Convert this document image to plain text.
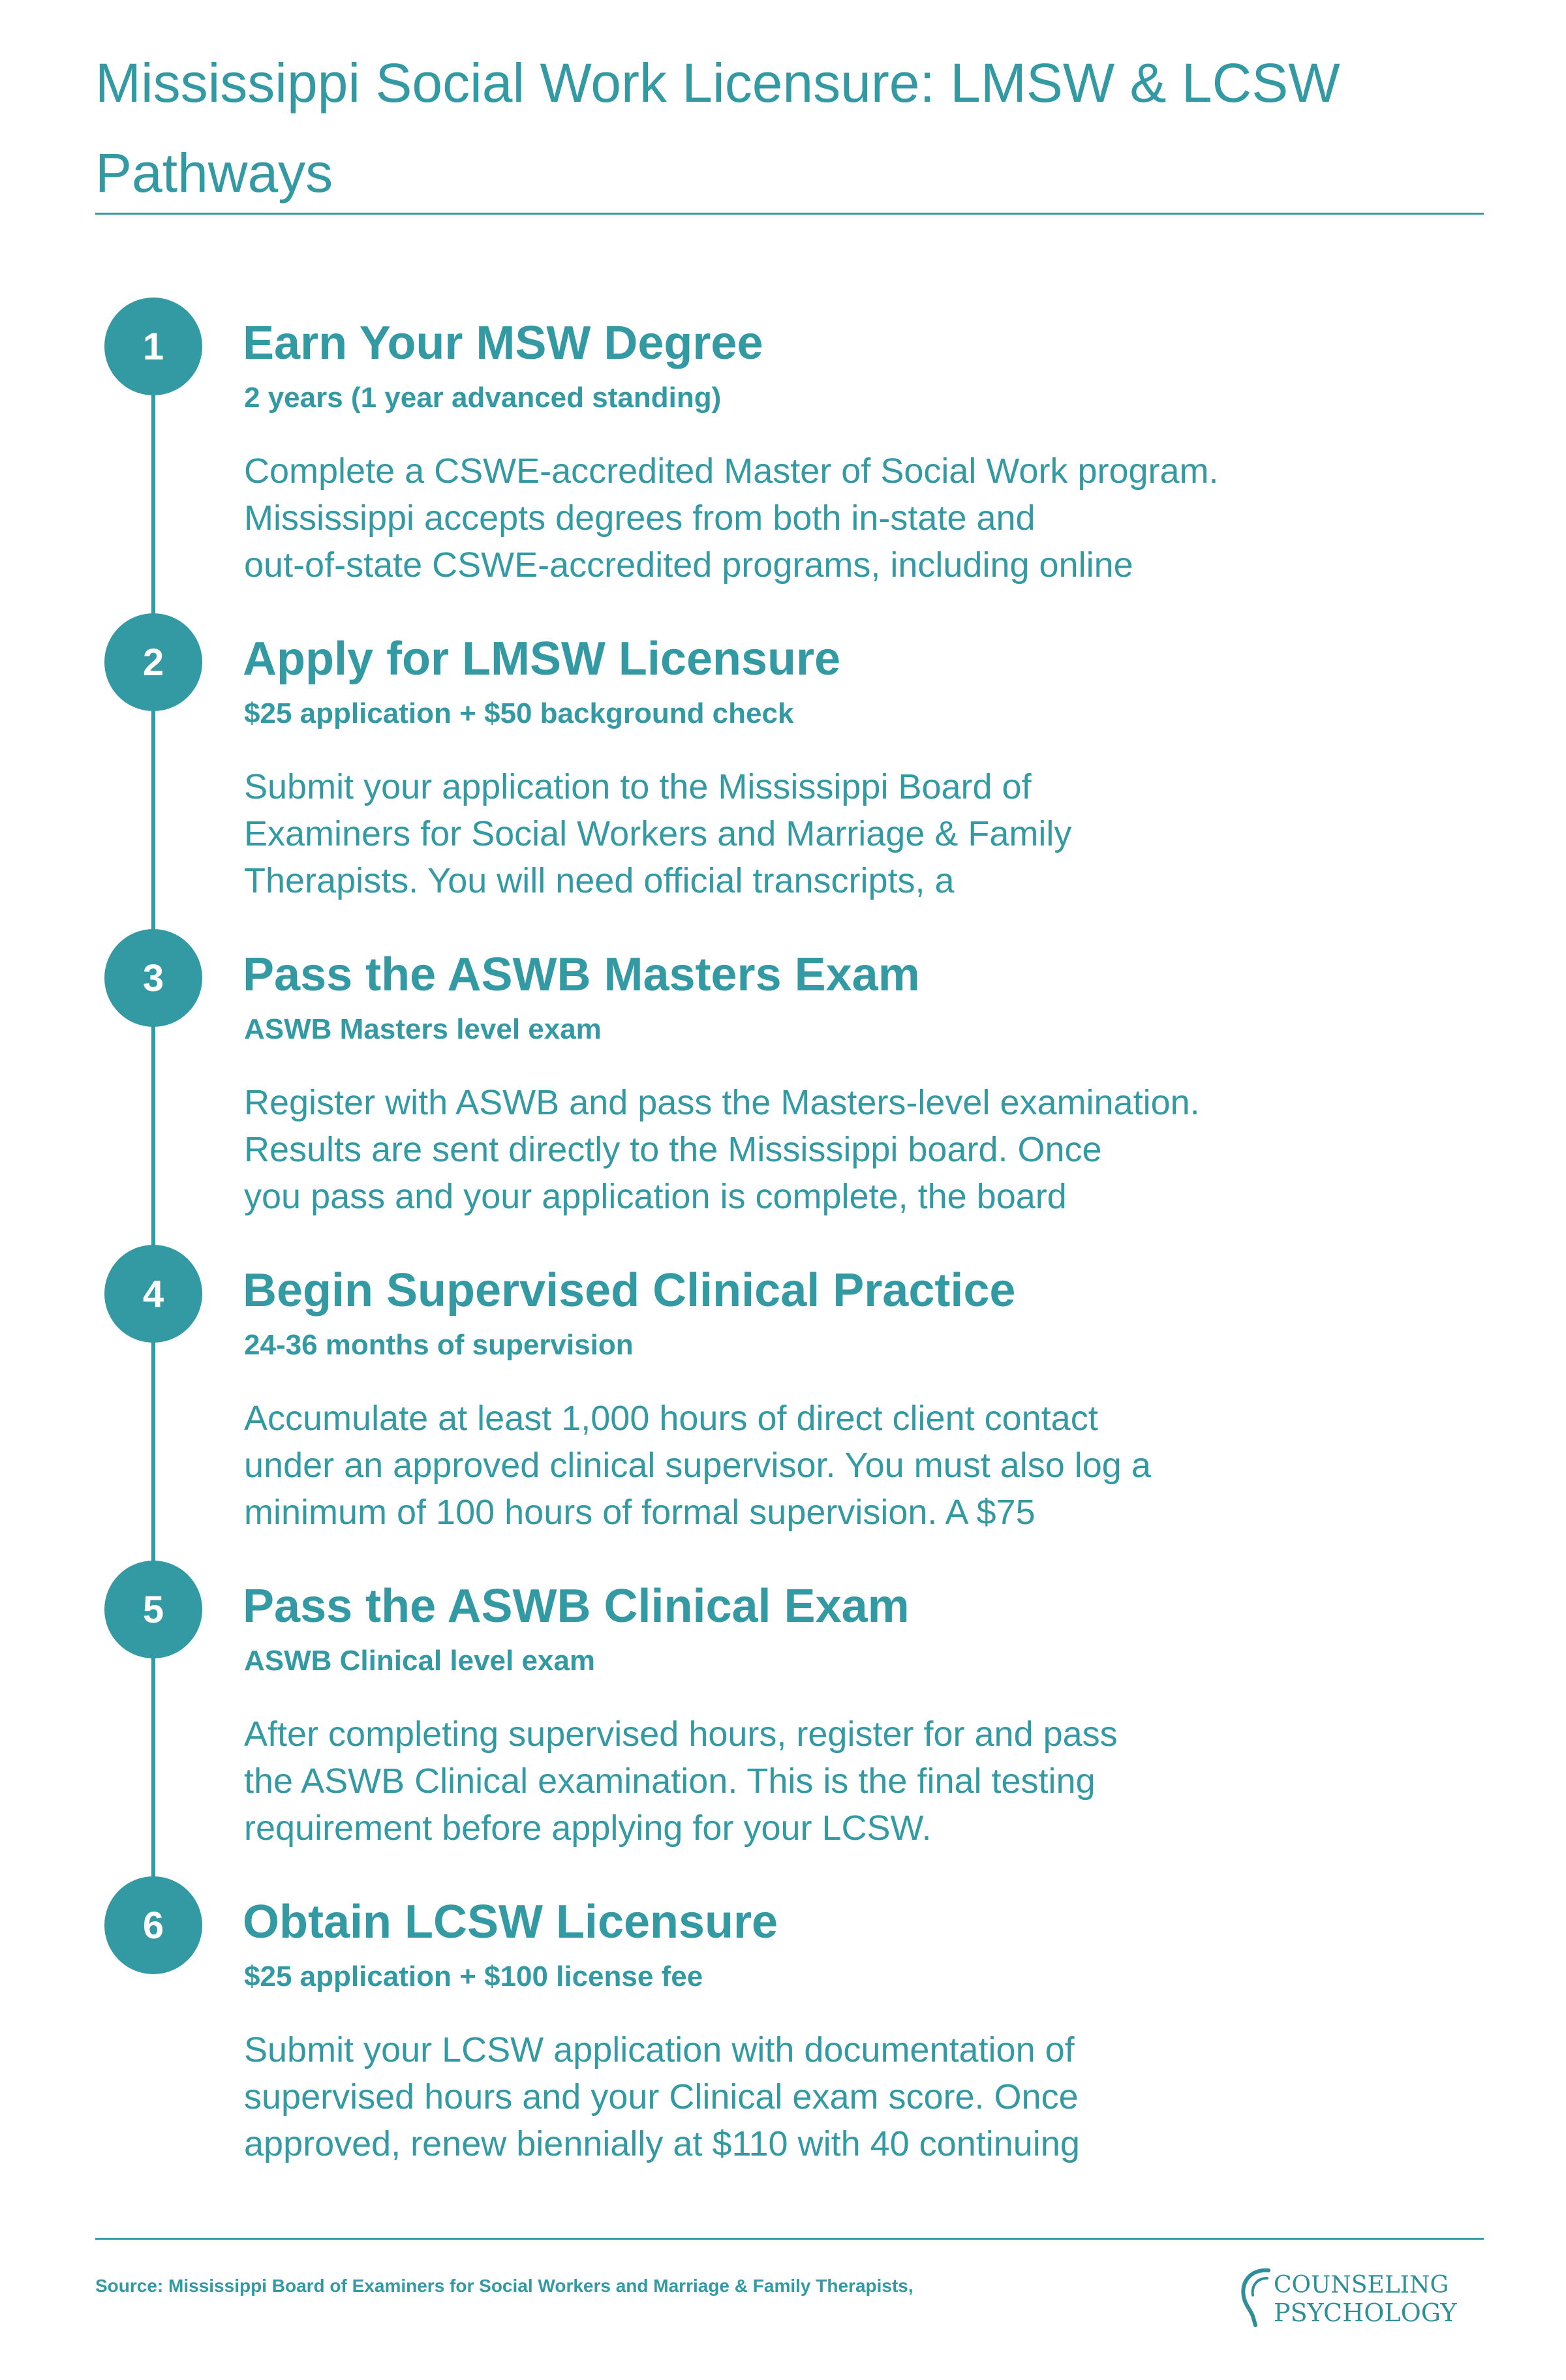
Mississippi Social Work Licensure: LMSW & LCSW Pathways
1	Earn Your MSW Degree
2 years (1 year advanced standing)

Complete a CSWE-accredited Master of Social Work program.
Mississippi accepts degrees from both in-state and
out-of-state CSWE-accredited programs, including online

2	Apply for LMSW Licensure
$25 application + $50 background check

Submit your application to the Mississippi Board of
Examiners for Social Workers and Marriage & Family
Therapists. You will need official transcripts, a

3	Pass the ASWB Masters Exam
ASWB Masters level exam

Register with ASWB and pass the Masters-level examination.
Results are sent directly to the Mississippi board. Once
you pass and your application is complete, the board

4	Begin Supervised Clinical Practice
24-36 months of supervision

Accumulate at least 1,000 hours of direct client contact
under an approved clinical supervisor. You must also log a
minimum of 100 hours of formal supervision. A $75

5	Pass the ASWB Clinical Exam
ASWB Clinical level exam

After completing supervised hours, register for and pass
the ASWB Clinical examination. This is the final testing
requirement before applying for your LCSW.

6	Obtain LCSW Licensure
$25 application + $100 license fee

Submit your LCSW application with documentation of
supervised hours and your Clinical exam score. Once
approved, renew biennially at $110 with 40 continuing

Source: Mississippi Board of Examiners for Social Workers and Marriage & Family Therapists,	COUNSELING
PSYCHOLOGY
